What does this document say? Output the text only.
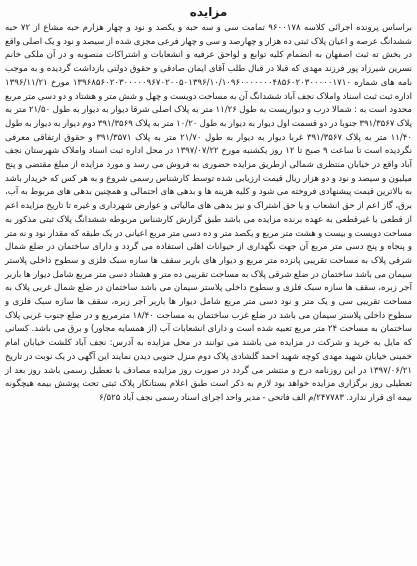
مزایده

براساس پرونده اجرائی کلاسه ۹۶۰۰۱۷۸ تمامت سی و سه حبه و یکصد و نود و چهار هزارم حبه مشاع از ۷۲ حبه ششدانگ عرصه و اعیان پلاک ثبتی ده هزار و چهارصد و سی و چهار فرعی مجزی شده از سیصد و نود و یک اصلی واقع در بخش ته ثبت اصفهان به انضمام کلیه توابع و لواحق عرفیه و انشعابات و اشتراکات منصوبه و در آن ملکی خانم نسرین شیرزاد پور فرزند مهدی که قبلا در قبال طلب آقای ایمان صادقی و حقوق دولتی بازداشت گردیده و به موجب نامه های شماره ۱۳۹۶۸۵۶۰۲۰۳۰۰۰۰۰۹۶۷۰۲۰۰۵۰۱۳۹۶/۱۰/۱۰۹۶۰۰۰۰۰۰۰۴۸۵۶۰۲۰۳۰۰۰۰۰۱۷۱۰ مورخ ۱۳۹۶/۱۱/۲۱ اداره ثبت ثبت اسناد واملاک نجف آباد ششدانگ آن به مساحت دویست و چهل و شش متر و هشتاد و دو دسی متر مربع محدود است به : شمالا درب و دیواریست به طول ۱۱/۲۶ متر به پلاک اصلی شرقا دیوار به دیوار به طول ۲۱/۵۰ متر به پلاک ۳۹۱/۳۵۶۷ جنوبا در دو قسمت اول دیوار به دیوار به طول ۱۰/۲۰ متر به پلاک ۳۹۱/۳۵۶۹ دوم دیوار به دیوار به طول ۱۱/۴۰ متر به پلاک ۳۹۱/۳۵۶۷ غربا دیوار به دیوار به طول ۲۱/۷۰ متر به پلاک ۳۹۱/۳۵۷۱ و حقوق ارتفاقی معرفی نگردیده است تا ساعت ۹ صبح تا ۱۲ روز یکشنبه مورخ ۱۳۹۷/۰۷/۲۲ در محل اداره ثبت اسناد واملاک شهرستان نجف آباد واقع در خیابان منتظری شمالی ازطریق مزایده حضوری به فروش می رسد و مورد مزایده از مبلغ مقتضی و پنج میلیون و سیصد و نود و دو هزار ریال قیمت ارزیابی شده توسط کارشناس رسمی شروع و به هر کس که خریدار باشد به بالاترین قیمت پیشنهادی فروخته می شود و کلیه هزینه ها و بدهی های احتمالی و همچنین بدهی های مربوط به آب، برق، گاز اعم از حق انشعاب و یا حق اشتراک و نیز بدهی های مالیاتی و عوارض شهرداری و غیره تا تاریخ مزایده اعم از قطعی یا غیرقطعی به عهده برنده مزایده می باشد طبق گزارش کارشناس مربوطه ششدانگ پلاک ثبتی مذکور به مساحت دویست و بیست و هشت متر مربع و یکصد متر و ده دسی متر مربع اعیانی در یک طبقه که مقدار نود و نه متر و پنجاه و پنج دسی متر مربع آن جهت نگهداری از حیوانات اهلی استفاده می گردد و دارای ساختمان در ضلع شمال شرقی پلاک به مساحت تقریبی پانزده متر مربع و دیوار های باربر سقف ها سازه سبک فلزی و سطوح داخلی پلاستر سیمان می باشد ساختمان در ضلع شرقی پلاک به مساحت تقریبی ده متر و هشتاد دسی متر مربع شامل دیوار ها باربر آجر زبره، سقف ها سازه سبک فلزی و سطوح داخلی پلاستر سیمان می باشد ساختمان در ضلع شمال غربی پلاک به مساحت تقریبی سی و یک متر و نود دسی متر مربع شامل دیوار ها باربر آجر زبره، سقف ها سازه سبک فلزی و سطوح داخلی پلاستر سیمان می باشد در ضلع غرب ساختمان به مساحت ۱۸/۴۰ مترمربع و در ضلع جنوب غربی پلاک ساختمان به مساحت ۲۴ متر مربع تعبیه شده است و دارای انشعابات آب (از همسایه مجاور) و برق می باشد. کسانی که مایل به خرید و شرکت در مزایده می باشند می توانند در محل مزایده به آدرس: نجف آباد کلشت خیابان امام خمینی خیابان شهید مهدی کوچه شهید احمد گلشادی پلاک دوم منزل جنوبی دیدن نمایند این آگهی در یک نوبت در تاریخ ۱۳۹۷/۰۶/۲۱ در این روزنامه درج و منتشر می گردد در صورت روز مزایده مصادف با تعطیل رسمی باشد روز بعد از تعطیلی روز برگزاری مزایده خواهد بود لازم به ذکر است طبق اعلام بستانکار پلاک ثبتی تحت پوشش بیمه هیچگونه بیمه ای قرار ندارد. ۲۴۷۷۸۳/م الف فاتحی - مدیر واحد اجرای اسناد رسمی نجف آباد ۶/۵۲۵
